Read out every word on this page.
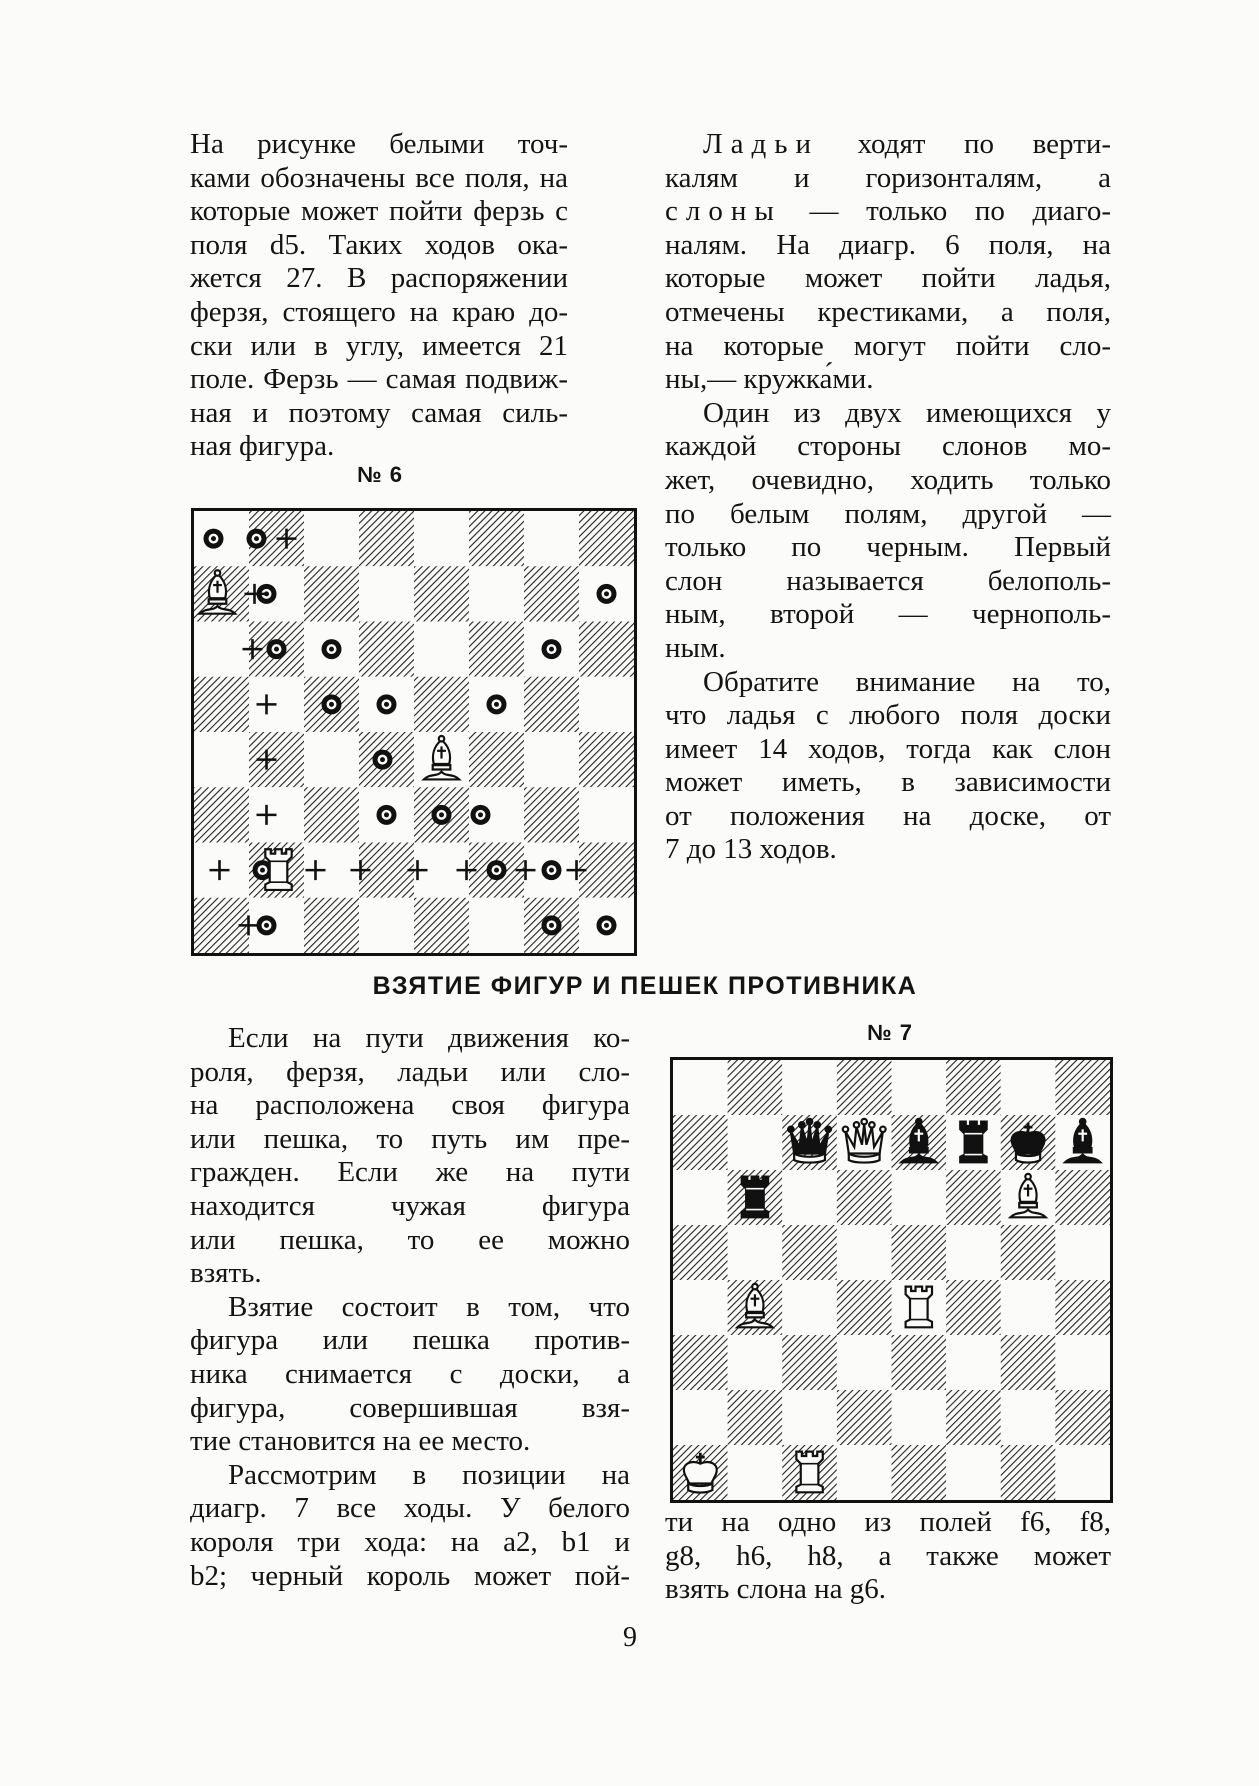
На рисунке белыми точ-

ками обозначены все поля, на

которые может пойти ферзь с

поля d5. Таких ходов ока-

жется 27. В распоряжении

ферзя, стоящего на краю до-

ски или в углу, имеется 21

поле. Ферзь — самая подвиж-

ная и поэтому самая силь-

ная фигура.

№ 6

Ладьи ходят по верти-

калям и горизонталям, а

слоны — только по диаго-

налям. На диагр. 6 поля, на

которые может пойти ладья,

отмечены крестиками, а поля,

на которые могут пойти сло-

ны,— кружка́ми.

Один из двух имеющихся у

каждой стороны слонов мо-

жет, очевидно, ходить только

по белым полям, другой —

только по черным. Первый

слон называется белополь-

ным, второй — чернополь-

ным.

Обратите внимание на то,

что ладья с любого поля доски

имеет 14 ходов, тогда как слон

может иметь, в зависимости

от положения на доске, от

7 до 13 ходов.

ВЗЯТИЕ ФИГУР И ПЕШЕК ПРОТИВНИКА

Если на пути движения ко-

роля, ферзя, ладьи или сло-

на расположена своя фигура

или пешка, то путь им пре-

гражден. Если же на пути

находится чужая фигура

или пешка, то ее можно

взять.

Взятие состоит в том, что

фигура или пешка против-

ника снимается с доски, а

фигура, совершившая взя-

тие становится на ее место.

Рассмотрим в позиции на

диагр. 7 все ходы. У белого

короля три хода: на a2, b1 и

b2; черный король может пой-

№ 7

ти на одно из полей f6, f8,

g8, h6, h8, а также может

взять слона на g6.

9
